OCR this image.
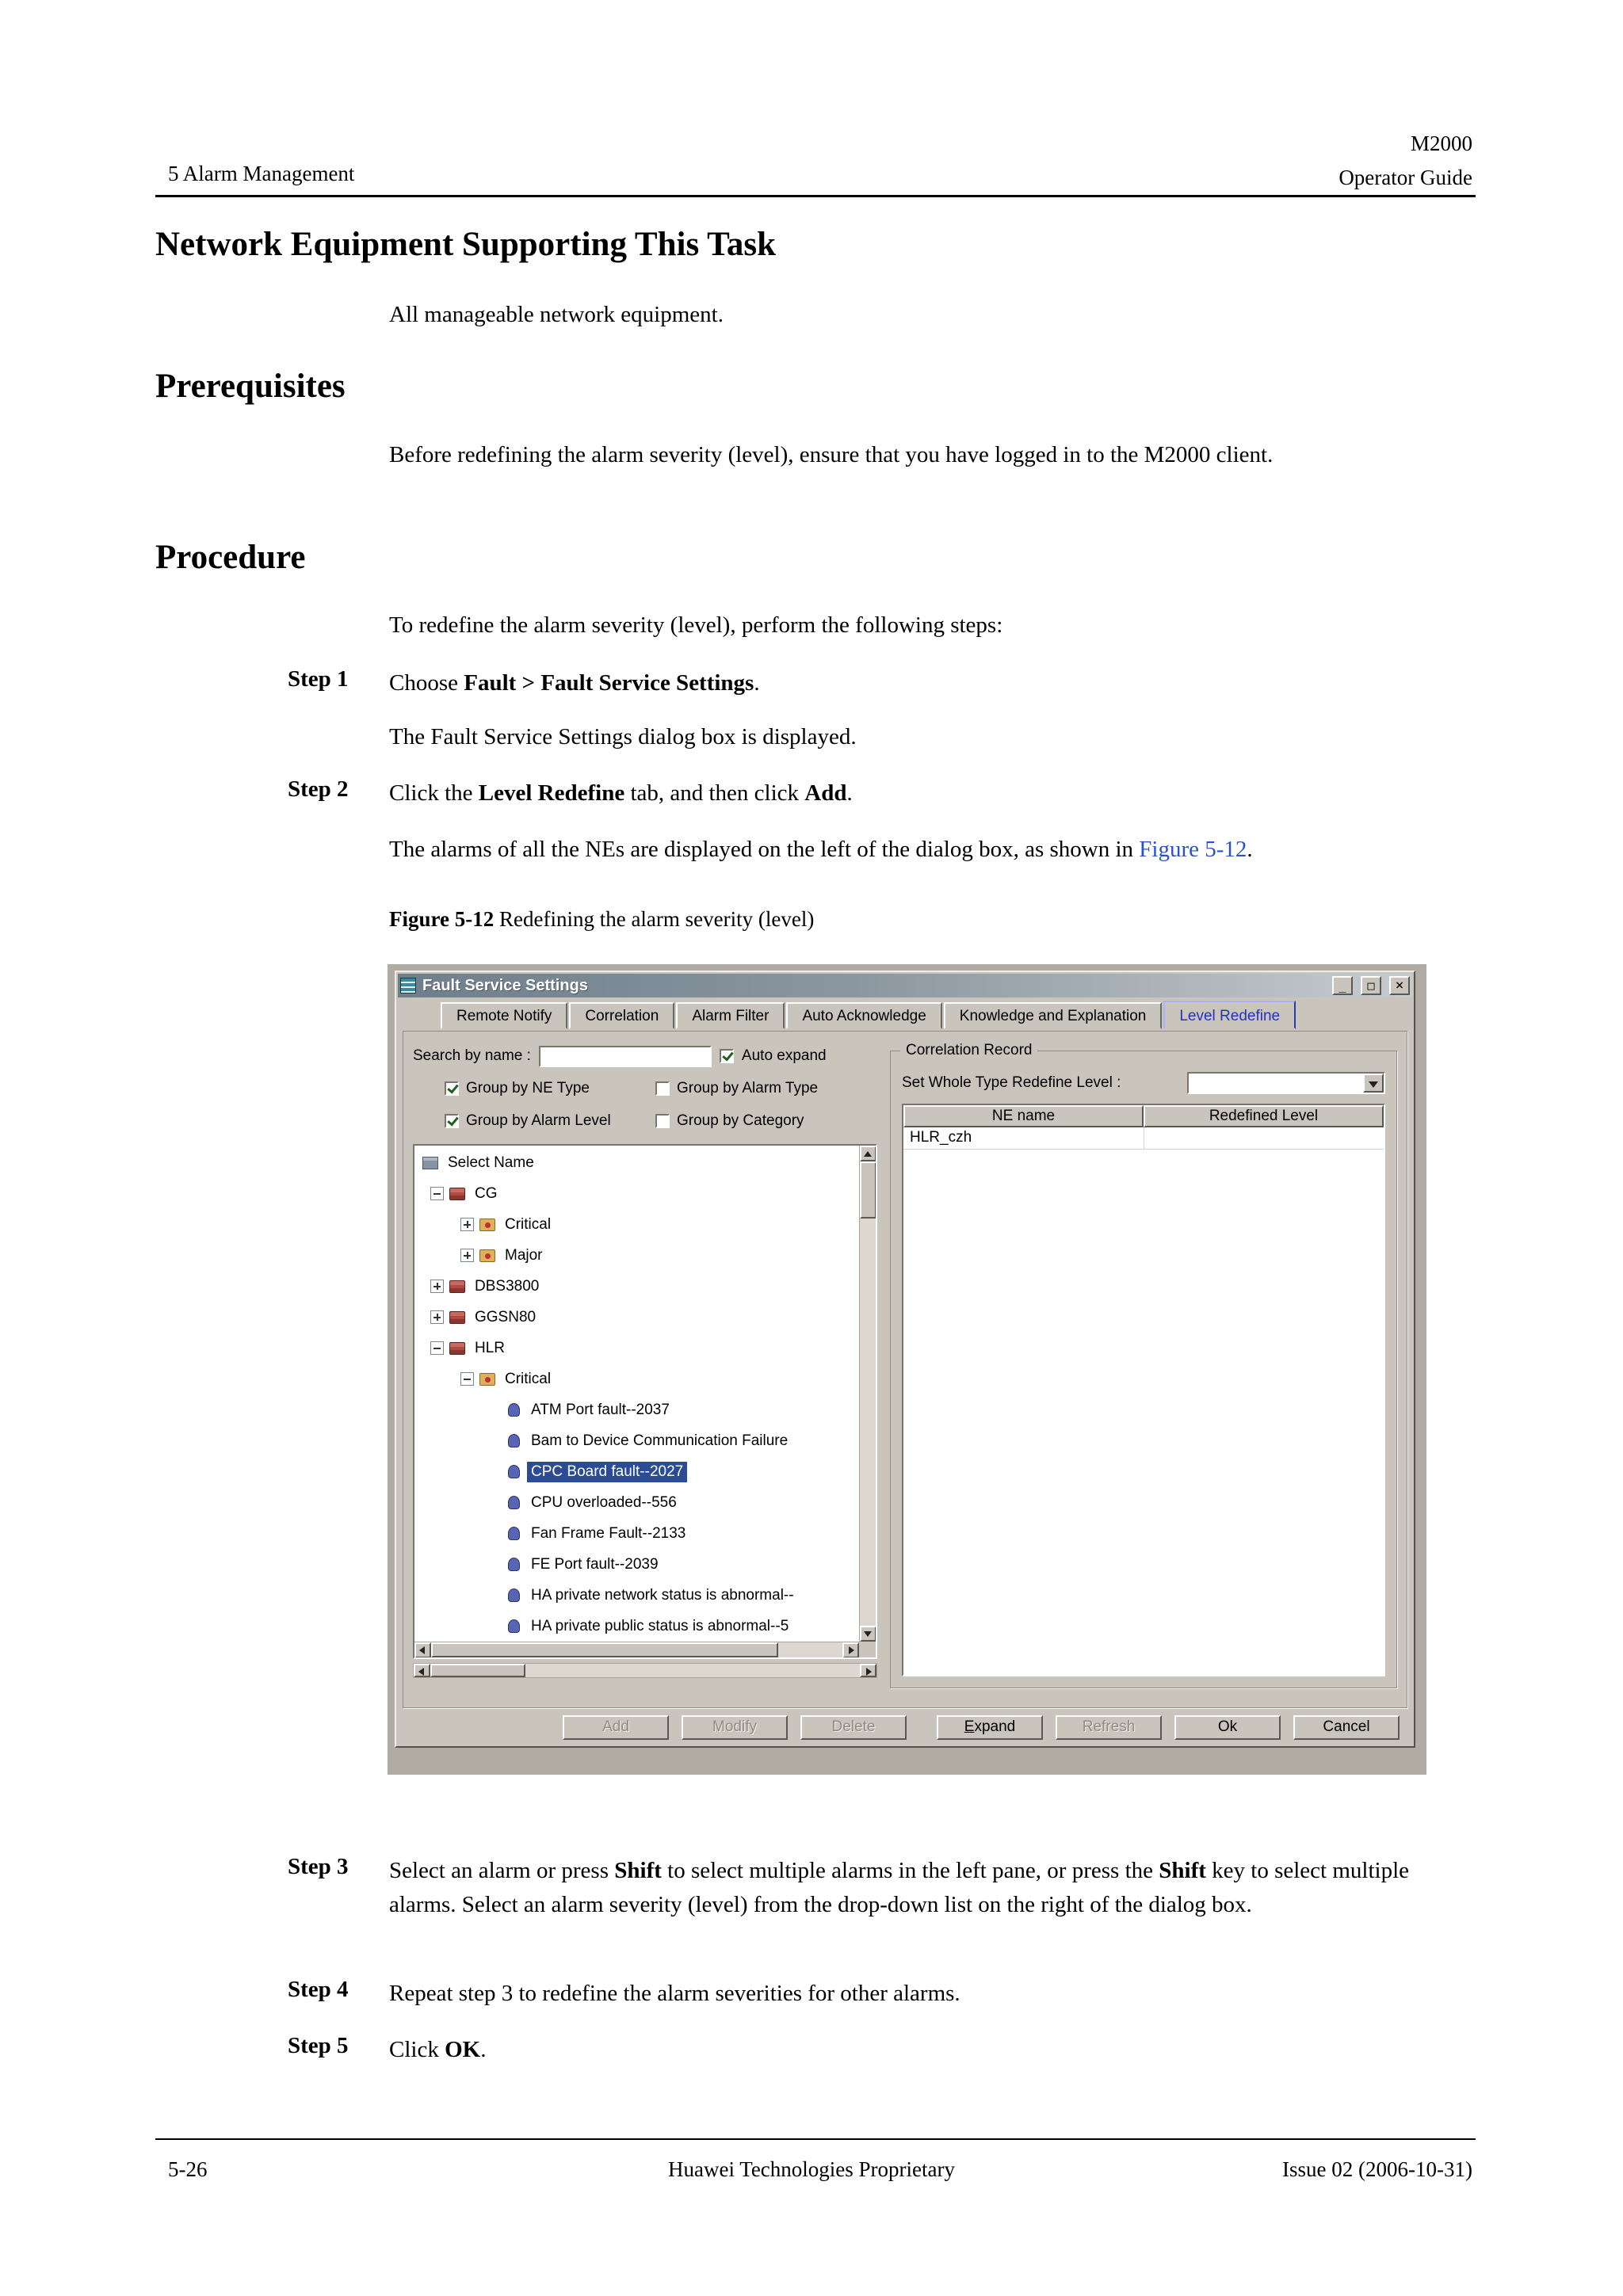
5 Alarm Management
M2000
Operator Guide
Network Equipment Supporting This Task
All manageable network equipment.
Prerequisites
Before redefining the alarm severity (level), ensure that you have logged in to the M2000 client.
Procedure
To redefine the alarm severity (level), perform the following steps:
Step 1 Choose Fault > Fault Service Settings.
The Fault Service Settings dialog box is displayed.
Step 2 Click the Level Redefine tab, and then click Add.
The alarms of all the NEs are displayed on the left of the dialog box, as shown in Figure 5-12.
Figure 5-12 Redefining the alarm severity (level)
Fault Service Settings	_	□	×
Remote Notify	Correlation	Alarm Filter	Auto Acknowledge	Knowledge and Explanation	Level Redefine
Search by name :	Auto expand
Group by NE Type	Group by Alarm Type
Group by Alarm Level	Group by Category
Select Name
CG
Critical
Major
DBS3800
GGSN80
HLR
Critical
ATM Port fault--2037
Bam to Device Communication Failure
CPC Board fault--2027
CPU overloaded--556
Fan Frame Fault--2133
FE Port fault--2039
HA private network status is abnormal--
HA private public status is abnormal--5
Correlation Record
Set Whole Type Redefine Level :
NE name	Redefined Level
HLR_czh
Add	Modify	Delete	Expand	Refresh	Ok	Cancel
Step 3 Select an alarm or press Shift to select multiple alarms in the left pane, or press the Shift key to select multiple alarms. Select an alarm severity (level) from the drop-down list on the right of the dialog box.
Step 4 Repeat step 3 to redefine the alarm severities for other alarms.
Step 5 Click OK.
5-26	Huawei Technologies Proprietary	Issue 02 (2006-10-31)
